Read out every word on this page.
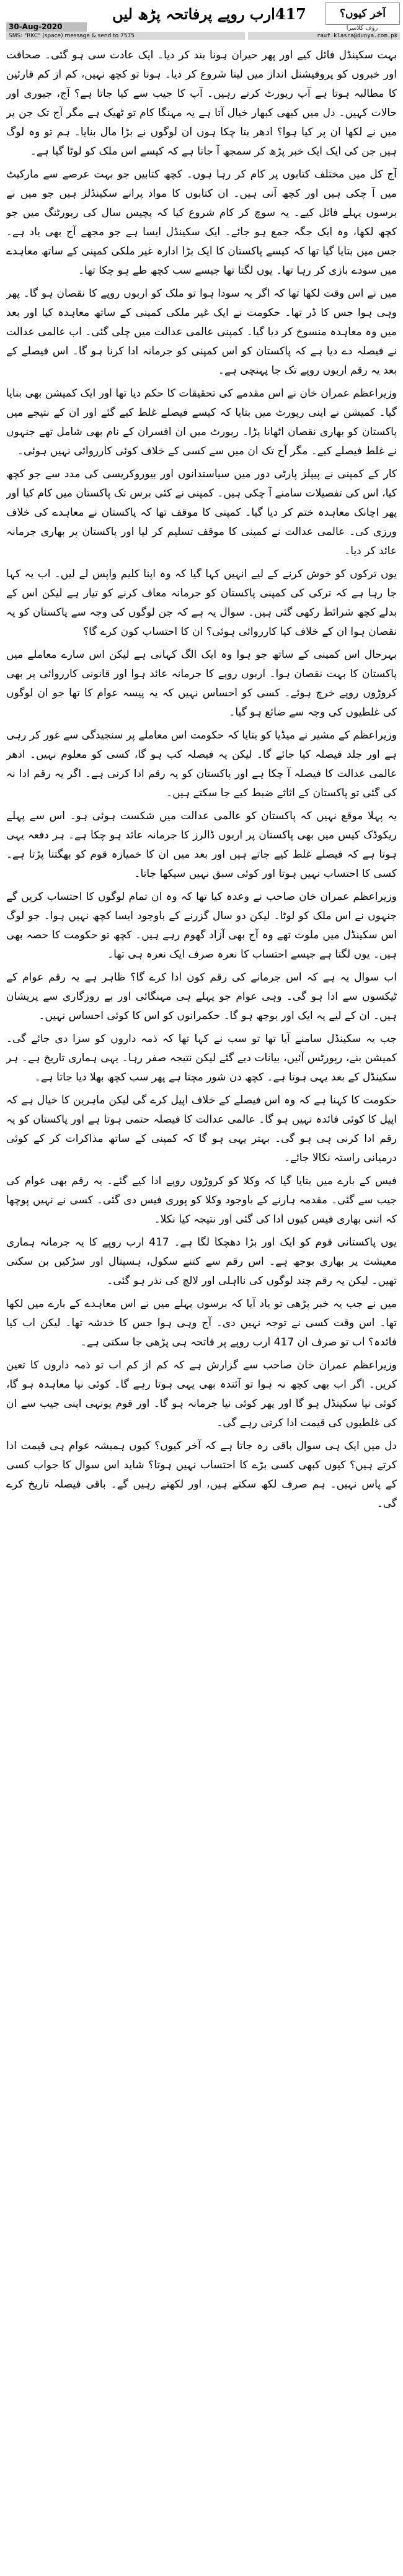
آخر کیوں؟
رؤف کلاسرا
417ارب روپے پرفاتحہ پڑھ لیں
30-Aug-2020
SMS: "RKC" (space) message & send to 7575	rauf.klasra@dunya.com.pk

بہت سکینڈل فائل کیے اور پھر حیران ہونا بند کر دیا۔ ایک عادت سی ہو گئی۔ صحافت اور خبروں کو پروفیشنل انداز میں لینا شروع کر دیا۔ ہونا تو کچھ نہیں، کم از کم قارئین کا مطالبہ ہوتا ہے آپ رپورٹ کرتے رہیں۔ آپ کا جیب سے کیا جاتا ہے؟ آج، جیوری اور حالات کہیں۔ دل میں کبھی کبھار خیال آتا ہے یہ مہنگا کام تو ٹھیک ہے مگر آج تک جن پر میں نے لکھا ان پر کیا ہوا؟ ادھر بتا چکا ہوں ان لوگوں نے بڑا مال بنایا۔ ہم تو وہ لوگ ہیں جن کی ایک ایک خبر پڑھ کر سمجھ آ جاتا ہے کہ کیسے اس ملک کو لوٹا گیا ہے۔

آج کل میں مختلف کتابوں پر کام کر رہا ہوں۔ کچھ کتابیں جو بہت عرصے سے مارکیٹ میں آ چکی ہیں اور کچھ آنی ہیں۔ ان کتابوں کا مواد پرانے سکینڈلز ہیں جو میں نے برسوں پہلے فائل کیے۔ یہ سوچ کر کام شروع کیا کہ پچیس سال کی رپورٹنگ میں جو کچھ لکھا، وہ ایک جگہ جمع ہو جائے۔ ایک سکینڈل ایسا ہے جو مجھے آج بھی یاد ہے۔ جس میں بتایا گیا تھا کہ کیسے پاکستان کا ایک بڑا ادارہ غیر ملکی کمپنی کے ساتھ معاہدے میں سودے بازی کر رہا تھا۔ یوں لگتا تھا جیسے سب کچھ طے ہو چکا تھا۔

میں نے اس وقت لکھا تھا کہ اگر یہ سودا ہوا تو ملک کو اربوں روپے کا نقصان ہو گا۔ پھر وہی ہوا جس کا ڈر تھا۔ حکومت نے ایک غیر ملکی کمپنی کے ساتھ معاہدہ کیا اور بعد میں وہ معاہدہ منسوخ کر دیا گیا۔ کمپنی عالمی عدالت میں چلی گئی۔ اب عالمی عدالت نے فیصلہ دے دیا ہے کہ پاکستان کو اس کمپنی کو جرمانہ ادا کرنا ہو گا۔ اس فیصلے کے بعد یہ رقم اربوں روپے تک جا پہنچی ہے۔

وزیراعظم عمران خان نے اس مقدمے کی تحقیقات کا حکم دیا تھا اور ایک کمیشن بھی بنایا گیا۔ کمیشن نے اپنی رپورٹ میں بتایا کہ کیسے فیصلے غلط کیے گئے اور ان کے نتیجے میں پاکستان کو بھاری نقصان اٹھانا پڑا۔ رپورٹ میں ان افسران کے نام بھی شامل تھے جنہوں نے غلط فیصلے کیے۔ مگر آج تک ان میں سے کسی کے خلاف کوئی کارروائی نہیں ہوئی۔

کار کے کمپنی نے پیپلز پارٹی دور میں سیاستدانوں اور بیوروکریسی کی مدد سے جو کچھ کیا، اس کی تفصیلات سامنے آ چکی ہیں۔ کمپنی نے کئی برس تک پاکستان میں کام کیا اور پھر اچانک معاہدہ ختم کر دیا گیا۔ کمپنی کا موقف تھا کہ پاکستان نے معاہدے کی خلاف ورزی کی۔ عالمی عدالت نے کمپنی کا موقف تسلیم کر لیا اور پاکستان پر بھاری جرمانہ عائد کر دیا۔

یوں ترکوں کو خوش کرنے کے لیے انہیں کہا گیا کہ وہ اپنا کلیم واپس لے لیں۔ اب یہ کہا جا رہا ہے کہ ترکی کی کمپنی پاکستان کو جرمانہ معاف کرنے کو تیار ہے لیکن اس کے بدلے کچھ شرائط رکھی گئی ہیں۔ سوال یہ ہے کہ جن لوگوں کی وجہ سے پاکستان کو یہ نقصان ہوا ان کے خلاف کیا کارروائی ہوئی؟ ان کا احتساب کون کرے گا؟

بہرحال اس کمپنی کے ساتھ جو ہوا وہ ایک الگ کہانی ہے لیکن اس سارے معاملے میں پاکستان کا بہت نقصان ہوا۔ اربوں روپے کا جرمانہ عائد ہوا اور قانونی کارروائی پر بھی کروڑوں روپے خرچ ہوئے۔ کسی کو احساس نہیں کہ یہ پیسہ عوام کا تھا جو ان لوگوں کی غلطیوں کی وجہ سے ضائع ہو گیا۔

وزیراعظم کے مشیر نے میڈیا کو بتایا کہ حکومت اس معاملے پر سنجیدگی سے غور کر رہی ہے اور جلد فیصلہ کیا جائے گا۔ لیکن یہ فیصلہ کب ہو گا، کسی کو معلوم نہیں۔ ادھر عالمی عدالت کا فیصلہ آ چکا ہے اور پاکستان کو یہ رقم ادا کرنی ہے۔ اگر یہ رقم ادا نہ کی گئی تو پاکستان کے اثاثے ضبط کیے جا سکتے ہیں۔

یہ پہلا موقع نہیں کہ پاکستان کو عالمی عدالت میں شکست ہوئی ہو۔ اس سے پہلے ریکوڈک کیس میں بھی پاکستان پر اربوں ڈالرز کا جرمانہ عائد ہو چکا ہے۔ ہر دفعہ یہی ہوتا ہے کہ فیصلے غلط کیے جاتے ہیں اور بعد میں ان کا خمیازہ قوم کو بھگتنا پڑتا ہے۔ کسی کا احتساب نہیں ہوتا اور کوئی سبق نہیں سیکھا جاتا۔

وزیراعظم عمران خان صاحب نے وعدہ کیا تھا کہ وہ ان تمام لوگوں کا احتساب کریں گے جنہوں نے اس ملک کو لوٹا۔ لیکن دو سال گزرنے کے باوجود ایسا کچھ نہیں ہوا۔ جو لوگ اس سکینڈل میں ملوث تھے وہ آج بھی آزاد گھوم رہے ہیں۔ کچھ تو حکومت کا حصہ بھی ہیں۔ یوں لگتا ہے جیسے احتساب کا نعرہ صرف ایک نعرہ ہی تھا۔

اب سوال یہ ہے کہ اس جرمانے کی رقم کون ادا کرے گا؟ ظاہر ہے یہ رقم عوام کے ٹیکسوں سے ادا ہو گی۔ وہی عوام جو پہلے ہی مہنگائی اور بے روزگاری سے پریشان ہیں۔ ان کے لیے یہ ایک اور بوجھ ہو گا۔ حکمرانوں کو اس کا کوئی احساس نہیں۔

جب یہ سکینڈل سامنے آیا تھا تو سب نے کہا تھا کہ ذمہ داروں کو سزا دی جائے گی۔ کمیشن بنے، رپورٹس آئیں، بیانات دیے گئے لیکن نتیجہ صفر رہا۔ یہی ہماری تاریخ ہے۔ ہر سکینڈل کے بعد یہی ہوتا ہے۔ کچھ دن شور مچتا ہے پھر سب کچھ بھلا دیا جاتا ہے۔

حکومت کا کہنا ہے کہ وہ اس فیصلے کے خلاف اپیل کرے گی لیکن ماہرین کا خیال ہے کہ اپیل کا کوئی فائدہ نہیں ہو گا۔ عالمی عدالت کا فیصلہ حتمی ہوتا ہے اور پاکستان کو یہ رقم ادا کرنی ہی ہو گی۔ بہتر یہی ہو گا کہ کمپنی کے ساتھ مذاکرات کر کے کوئی درمیانی راستہ نکالا جائے۔

فیس کے بارے میں بتایا گیا کہ وکلا کو کروڑوں روپے ادا کیے گئے۔ یہ رقم بھی عوام کی جیب سے گئی۔ مقدمہ ہارنے کے باوجود وکلا کو پوری فیس دی گئی۔ کسی نے نہیں پوچھا کہ اتنی بھاری فیس کیوں ادا کی گئی اور نتیجہ کیا نکلا۔

یوں پاکستانی قوم کو ایک اور بڑا دھچکا لگا ہے۔ 417 ارب روپے کا یہ جرمانہ ہماری معیشت پر بھاری بوجھ ہے۔ اس رقم سے کتنے سکول، ہسپتال اور سڑکیں بن سکتی تھیں۔ لیکن یہ رقم چند لوگوں کی نااہلی اور لالچ کی نذر ہو گئی۔

میں نے جب یہ خبر پڑھی تو یاد آیا کہ برسوں پہلے میں نے اس معاہدے کے بارے میں لکھا تھا۔ اس وقت کسی نے توجہ نہیں دی۔ آج وہی ہوا جس کا خدشہ تھا۔ لیکن اب کیا فائدہ؟ اب تو صرف ان 417 ارب روپے پر فاتحہ ہی پڑھی جا سکتی ہے۔

وزیراعظم عمران خان صاحب سے گزارش ہے کہ کم از کم اب تو ذمہ داروں کا تعین کریں۔ اگر اب بھی کچھ نہ ہوا تو آئندہ بھی یہی ہوتا رہے گا۔ کوئی نیا معاہدہ ہو گا، کوئی نیا سکینڈل ہو گا اور پھر کوئی نیا جرمانہ ہو گا۔ اور قوم یونہی اپنی جیب سے ان کی غلطیوں کی قیمت ادا کرتی رہے گی۔

دل میں ایک ہی سوال باقی رہ جاتا ہے کہ آخر کیوں؟ کیوں ہمیشہ عوام ہی قیمت ادا کرتے ہیں؟ کیوں کبھی کسی بڑے کا احتساب نہیں ہوتا؟ شاید اس سوال کا جواب کسی کے پاس نہیں۔ ہم صرف لکھ سکتے ہیں، اور لکھتے رہیں گے۔ باقی فیصلہ تاریخ کرے گی۔
